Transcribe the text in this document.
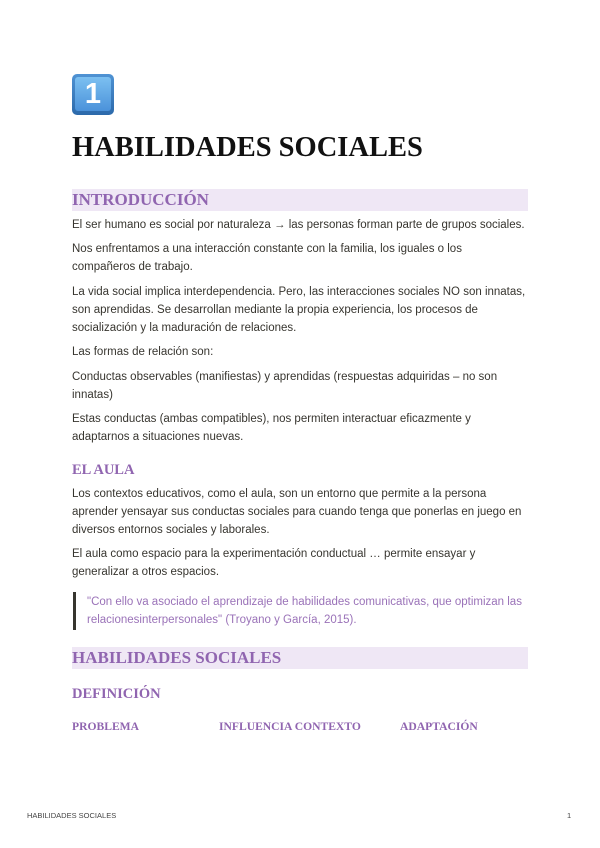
1
HABILIDADES SOCIALES
INTRODUCCIÓN

El ser humano es social por naturaleza → las personas forman parte de grupos sociales.

Nos enfrentamos a una interacción constante con la familia, los iguales o los compañeros de trabajo.

La vida social implica interdependencia. Pero, las interacciones sociales NO son innatas, son aprendidas. Se desarrollan mediante la propia experiencia, los procesos de socialización y la maduración de relaciones.

Las formas de relación son:

Conductas observables (manifiestas) y aprendidas (respuestas adquiridas – no son innatas)

Estas conductas (ambas compatibles), nos permiten interactuar eficazmente y adaptarnos a situaciones nuevas.

EL AULA

Los contextos educativos, como el aula, son un entorno que permite a la persona aprender yensayar sus conductas sociales para cuando tenga que ponerlas en juego en diversos entornos sociales y laborales.

El aula como espacio para la experimentación conductual … permite ensayar y generalizar a otros espacios.

"Con ello va asociado el aprendizaje de habilidades comunicativas, que optimizan las relacionesinterpersonales" (Troyano y García, 2015).
HABILIDADES SOCIALES
DEFINICIÓN
PROBLEMA	INFLUENCIA CONTEXTO	ADAPTACIÓN
HABILIDADES SOCIALES	1
